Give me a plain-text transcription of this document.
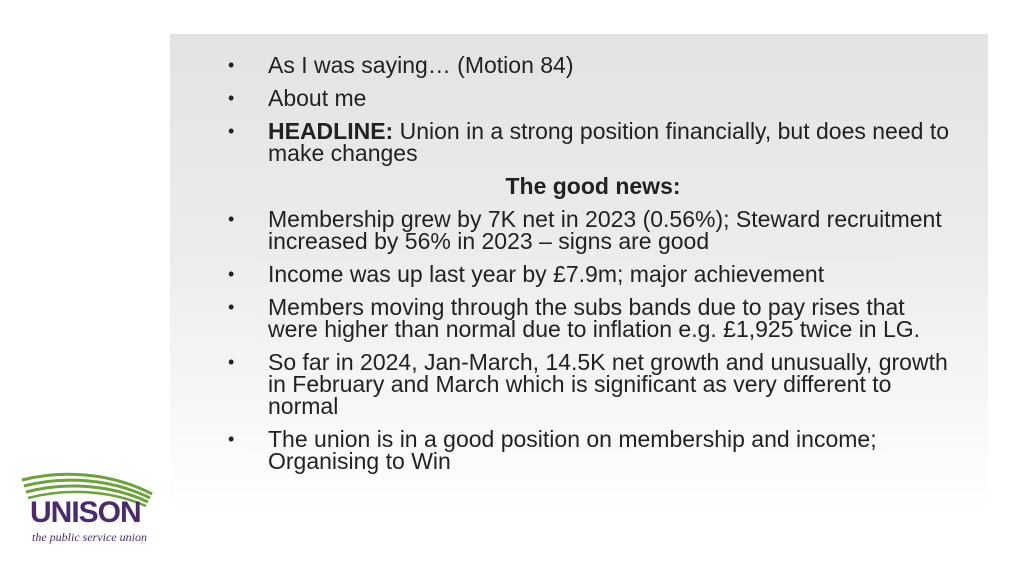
•	As I was saying… (Motion 84)
•	About me
•	HEADLINE: Union in a strong position financially, but does need to make changes
The good news:
•	Membership grew by 7K net in 2023 (0.56%); Steward recruitment increased by 56% in 2023 – signs are good
•	Income was up last year by £7.9m; major achievement
•	Members moving through the subs bands due to pay rises that were higher than normal due to inflation e.g. £1,925 twice in LG.
•	So far in 2024, Jan-March, 14.5K net growth and unusually, growth in February and March which is significant as very different to normal
•	The union is in a good position on membership and income; Organising to Win
UNISON
the public service union
